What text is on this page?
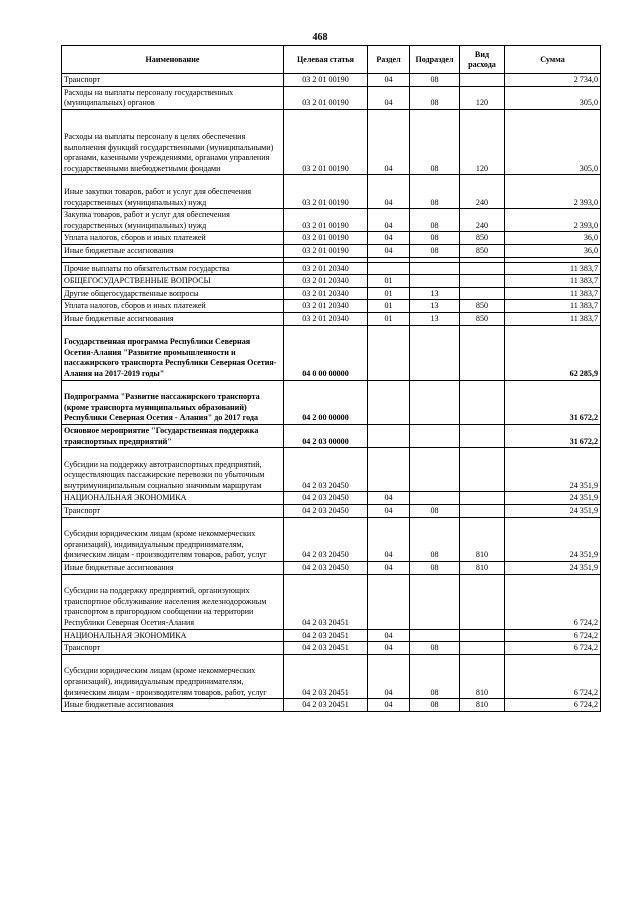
468
Наименование	Целевая статья	Раздел	Подраздел	Вид расхода	Сумма
Транспорт	03 2 01 00190	04	08		2 734,0
Расходы на выплаты персоналу государственных (муниципальных) органов	03 2 01 00190	04	08	120	305,0
Расходы на выплаты персоналу в целях обеспечения выполнения функций государственными (муниципальными) органами, казенными учреждениями, органами управления государственными внебюджетными фондами	03 2 01 00190	04	08	120	305,0
Иные закупки товаров, работ и услуг для обеспечения государственных (муниципальных) нужд	03 2 01 00190	04	08	240	2 393,0
Закупка товаров, работ и услуг для обеспечения государственных (муниципальных) нужд	03 2 01 00190	04	08	240	2 393,0
Уплата налогов, сборов и иных платежей	03 2 01 00190	04	08	850	36,0
Иные бюджетные ассигнования	03 2 01 00190	04	08	850	36,0

Прочие выплаты по обязательствам государства	03 2 01 20340				11 383,7
ОБЩЕГОСУДАРСТВЕННЫЕ ВОПРОСЫ	03 2 01 20340	01			11 383,7
Другие общегосударственные вопросы	03 2 01 20340	01	13		11 383,7
Уплата налогов, сборов и иных платежей	03 2 01 20340	01	13	850	11 383,7
Иные бюджетные ассигнования	03 2 01 20340	01	13	850	11 383,7
Государственная программа Республики Северная Осетия-Алания "Развитие промышленности и пассажирского транспорта Республики Северная Осетия-Алания на 2017-2019 годы"	04 0 00 00000				62 285,9
Подпрограмма "Развитие пассажирского транспорта (кроме транспорта муниципальных образований) Республики Северная Осетия - Алания" до 2017 года	04 2 00 00000				31 672,2
Основное мероприятие "Государственная поддержка транспортных предприятий"	04 2 03 00000				31 672,2
Субсидии на поддержку автотранспортных предприятий, осуществляющих пассажирские перевозки по убыточным внутримуниципальным социально значимым маршрутам	04 2 03 20450				24 351,9
НАЦИОНАЛЬНАЯ ЭКОНОМИКА	04 2 03 20450	04			24 351,9
Транспорт	04 2 03 20450	04	08		24 351,9
Субсидии юридическим лицам (кроме некоммерческих организаций), индивидуальным предпринимателям, физическим лицам - производителям товаров, работ, услуг	04 2 03 20450	04	08	810	24 351,9
Иные бюджетные ассигнования	04 2 03 20450	04	08	810	24 351,9
Субсидии на поддержку предприятий, организующих транспортное обслуживание населения железнодорожным транспортом в пригородном сообщении на территории Республики Северная Осетия-Алания	04 2 03 20451				6 724,2
НАЦИОНАЛЬНАЯ ЭКОНОМИКА	04 2 03 20451	04			6 724,2
Транспорт	04 2 03 20451	04	08		6 724,2
Субсидии юридическим лицам (кроме некоммерческих организаций), индивидуальным предпринимателям, физическим лицам - производителям товаров, работ, услуг	04 2 03 20451	04	08	810	6 724,2
Иные бюджетные ассигнования	04 2 03 20451	04	08	810	6 724,2
